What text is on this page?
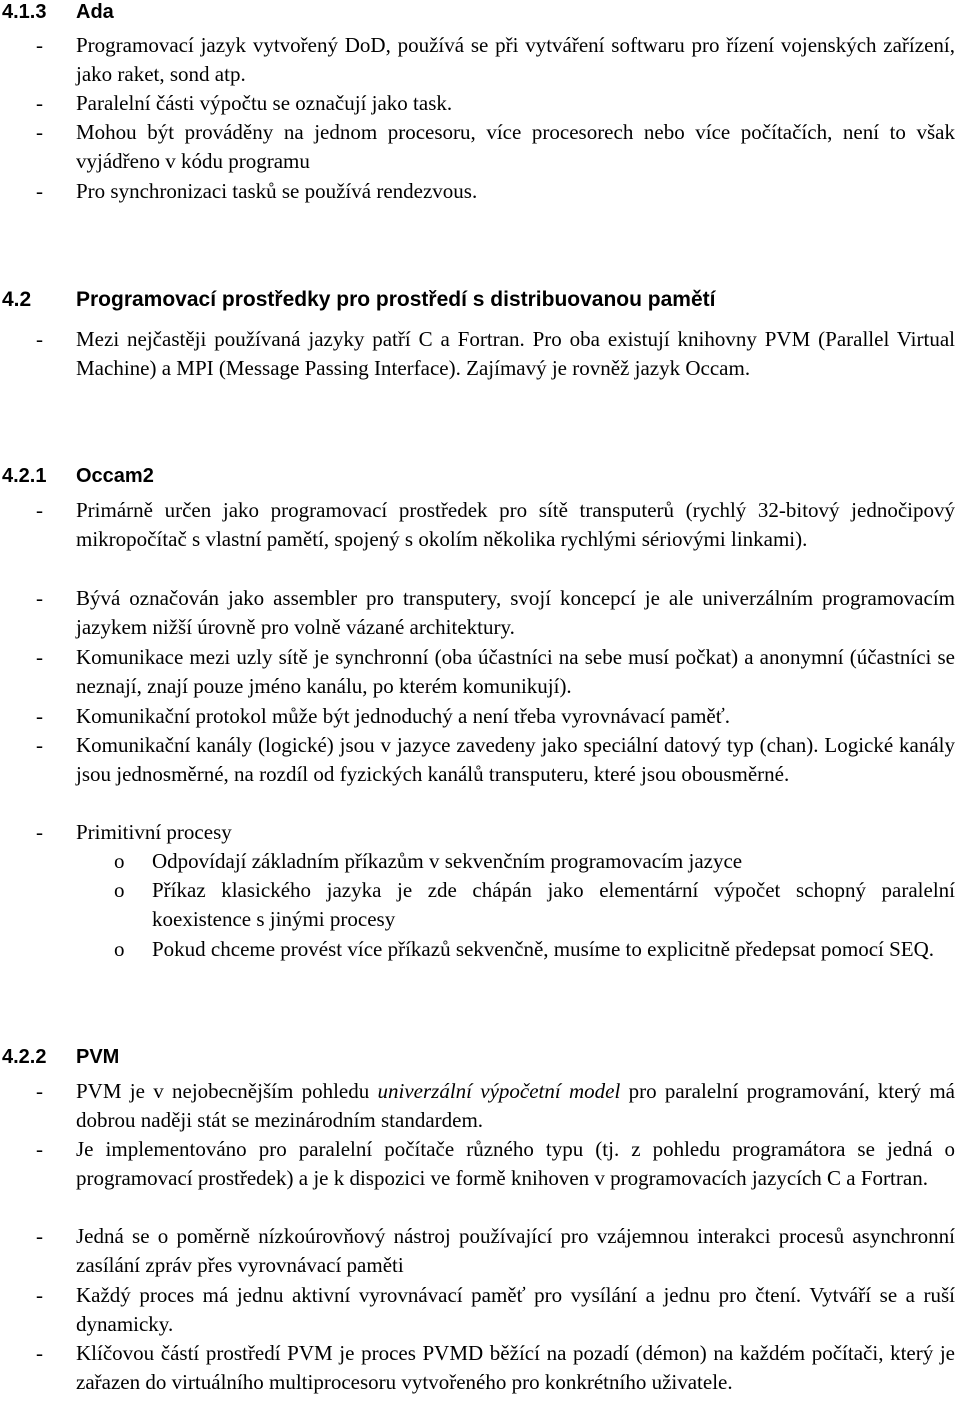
4.1.3 Ada
- Programovací jazyk vytvořený DoD, používá se při vytváření softwaru pro řízení vojenských zařízení, jako raket, sond atp.
- Paralelní části výpočtu se označují jako task.
- Mohou být prováděny na jednom procesoru, více procesorech nebo více počítačích, není to však vyjádřeno v kódu programu
- Pro synchronizaci tasků se používá rendezvous.
4.2 Programovací prostředky pro prostředí s distribuovanou pamětí
- Mezi nejčastěji používaná jazyky patří C a Fortran. Pro oba existují knihovny PVM (Parallel Virtual Machine) a MPI (Message Passing Interface). Zajímavý je rovněž jazyk Occam.
4.2.1 Occam2
- Primárně určen jako programovací prostředek pro sítě transputerů (rychlý 32-bitový jednočipový mikropočítač s vlastní pamětí, spojený s okolím několika rychlými sériovými linkami).
- Bývá označován jako assembler pro transputery, svojí koncepcí je ale univerzálním programovacím jazykem nižší úrovně pro volně vázané architektury.
- Komunikace mezi uzly sítě je synchronní (oba účastníci na sebe musí počkat) a anonymní (účastníci se neznají, znají pouze jméno kanálu, po kterém komunikují).
- Komunikační protokol může být jednoduchý a není třeba vyrovnávací paměť.
- Komunikační kanály (logické) jsou v jazyce zavedeny jako speciální datový typ (chan). Logické kanály jsou jednosměrné, na rozdíl od fyzických kanálů transputeru, které jsou obousměrné.
- Primitivní procesy
o Odpovídají základním příkazům v sekvenčním programovacím jazyce
o Příkaz klasického jazyka je zde chápán jako elementární výpočet schopný paralelní koexistence s jinými procesy
o Pokud chceme provést více příkazů sekvenčně, musíme to explicitně předepsat pomocí SEQ.
4.2.2 PVM
- PVM je v nejobecnějším pohledu univerzální výpočetní model pro paralelní programování, který má dobrou naději stát se mezinárodním standardem.
- Je implementováno pro paralelní počítače různého typu (tj. z pohledu programátora se jedná o programovací prostředek) a je k dispozici ve formě knihoven v programovacích jazycích C a Fortran.
- Jedná se o poměrně nízkoúrovňový nástroj používající pro vzájemnou interakci procesů asynchronní zasílání zpráv přes vyrovnávací paměti
- Každý proces má jednu aktivní vyrovnávací paměť pro vysílání a jednu pro čtení. Vytváří se a ruší dynamicky.
- Klíčovou částí prostředí PVM je proces PVMD běžící na pozadí (démon) na každém počítači, který je zařazen do virtuálního multiprocesoru vytvořeného pro konkrétního uživatele.
